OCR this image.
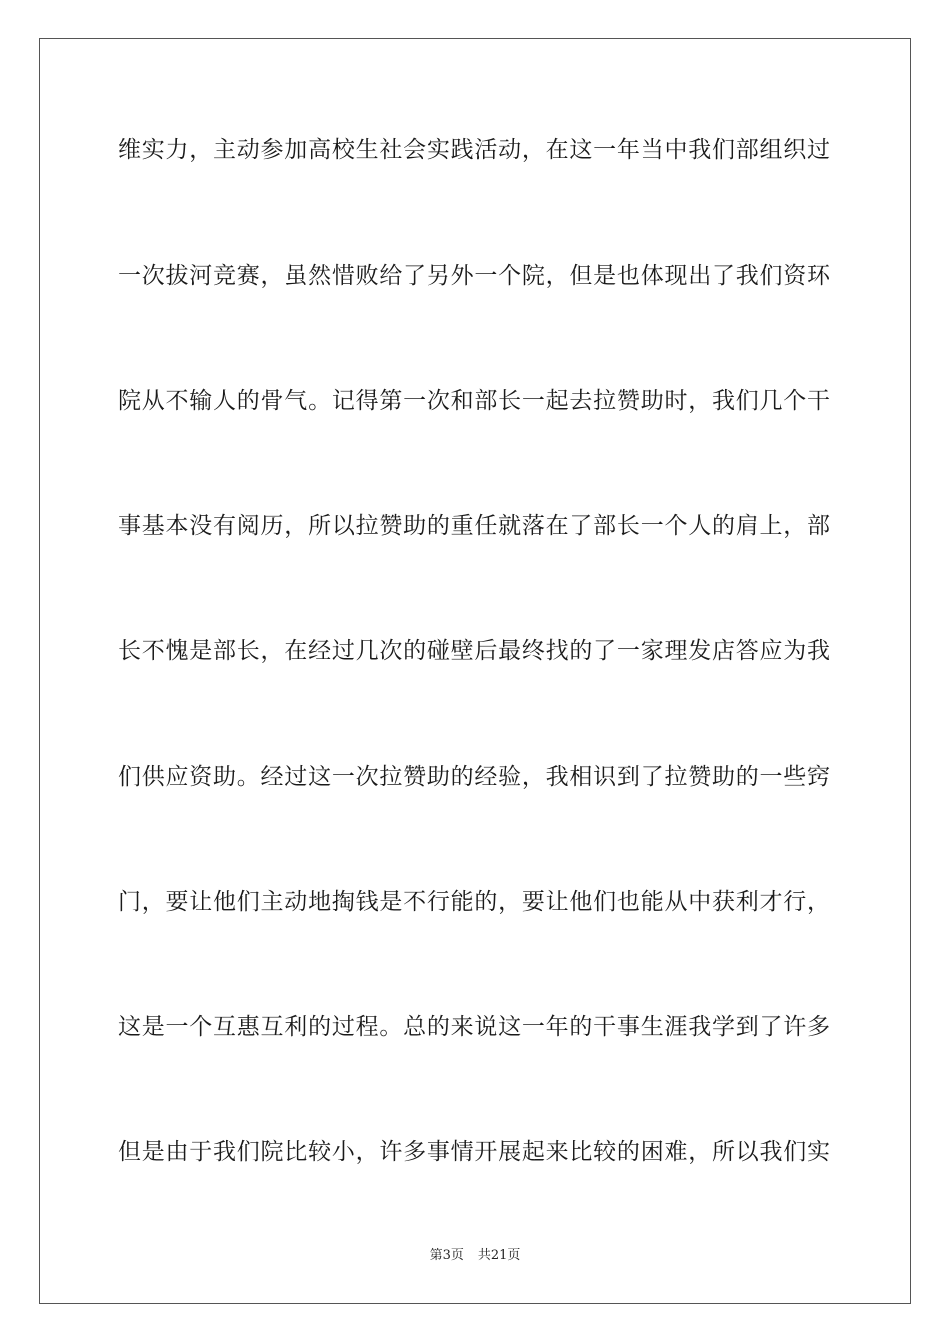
维实力，主动参加高校生社会实践活动，在这一年当中我们部组织过
一次拔河竞赛，虽然惜败给了另外一个院，但是也体现出了我们资环
院从不输人的骨气。记得第一次和部长一起去拉赞助时，我们几个干
事基本没有阅历，所以拉赞助的重任就落在了部长一个人的肩上，部
长不愧是部长，在经过几次的碰壁后最终找的了一家理发店答应为我
们供应资助。经过这一次拉赞助的经验，我相识到了拉赞助的一些窍
门，要让他们主动地掏钱是不行能的，要让他们也能从中获利才行，
这是一个互惠互利的过程。总的来说这一年的干事生涯我学到了许多
但是由于我们院比较小，许多事情开展起来比较的困难，所以我们实
第3页 共21页
